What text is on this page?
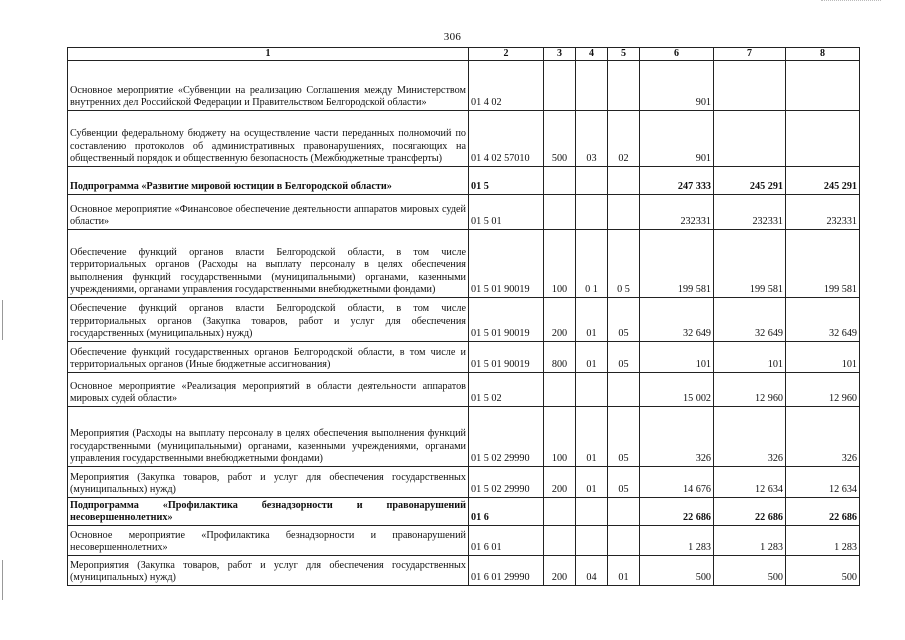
306
1	2	3	4	5	6	7	8
Основное мероприятие «Субвенции на реализацию Соглашения между Министерством внутренних дел Российской Федерации и Правительством Белгородской области»	01 4 02				901		
Субвенции федеральному бюджету на осуществление части переданных полномочий по составлению протоколов об административных правонарушениях, посягающих на общественный порядок и общественную безопасность (Межбюджетные трансферты)	01 4 02 57010	500	03	02	901		
Подпрограмма «Развитие мировой юстиции в Белгородской области»	01 5				247 333	245 291	245 291
Основное мероприятие «Финансовое обеспечение деятельности аппаратов мировых судей области»	01 5 01				232331	232331	232331
Обеспечение функций органов власти Белгородской области, в том числе территориальных органов (Расходы на выплату персоналу в целях обеспечения выполнения функций государственными (муниципальными) органами, казенными учреждениями, органами управления государственными внебюджетными фондами)	01 5 01 90019	100	0 1	0 5	199 581	199 581	199 581
Обеспечение функций органов власти Белгородской области, в том числе территориальных органов (Закупка товаров, работ и услуг для обеспечения государственных (муниципальных) нужд)	01 5 01 90019	200	01	05	32 649	32 649	32 649
Обеспечение функций государственных органов Белгородской области, в том числе и территориальных органов (Иные бюджетные ассигнования)	01 5 01 90019	800	01	05	101	101	101
Основное мероприятие «Реализация мероприятий в области деятельности аппаратов мировых судей области»	01 5 02				15 002	12 960	12 960
Мероприятия (Расходы на выплату персоналу в целях обеспечения выполнения функций государственными (муниципальными) органами, казенными учреждениями, органами управления государственными внебюджетными фондами)	01 5 02 29990	100	01	05	326	326	326
Мероприятия (Закупка товаров, работ и услуг для обеспечения государственных (муниципальных) нужд)	01 5 02 29990	200	01	05	14 676	12 634	12 634
Подпрограмма «Профилактика безнадзорности и правонарушений несовершеннолетних»	01 6				22 686	22 686	22 686
Основное мероприятие «Профилактика безнадзорности и правонарушений несовершеннолетних»	01 6 01				1 283	1 283	1 283
Мероприятия (Закупка товаров, работ и услуг для обеспечения государственных (муниципальных) нужд)	01 6 01 29990	200	04	01	500	500	500
